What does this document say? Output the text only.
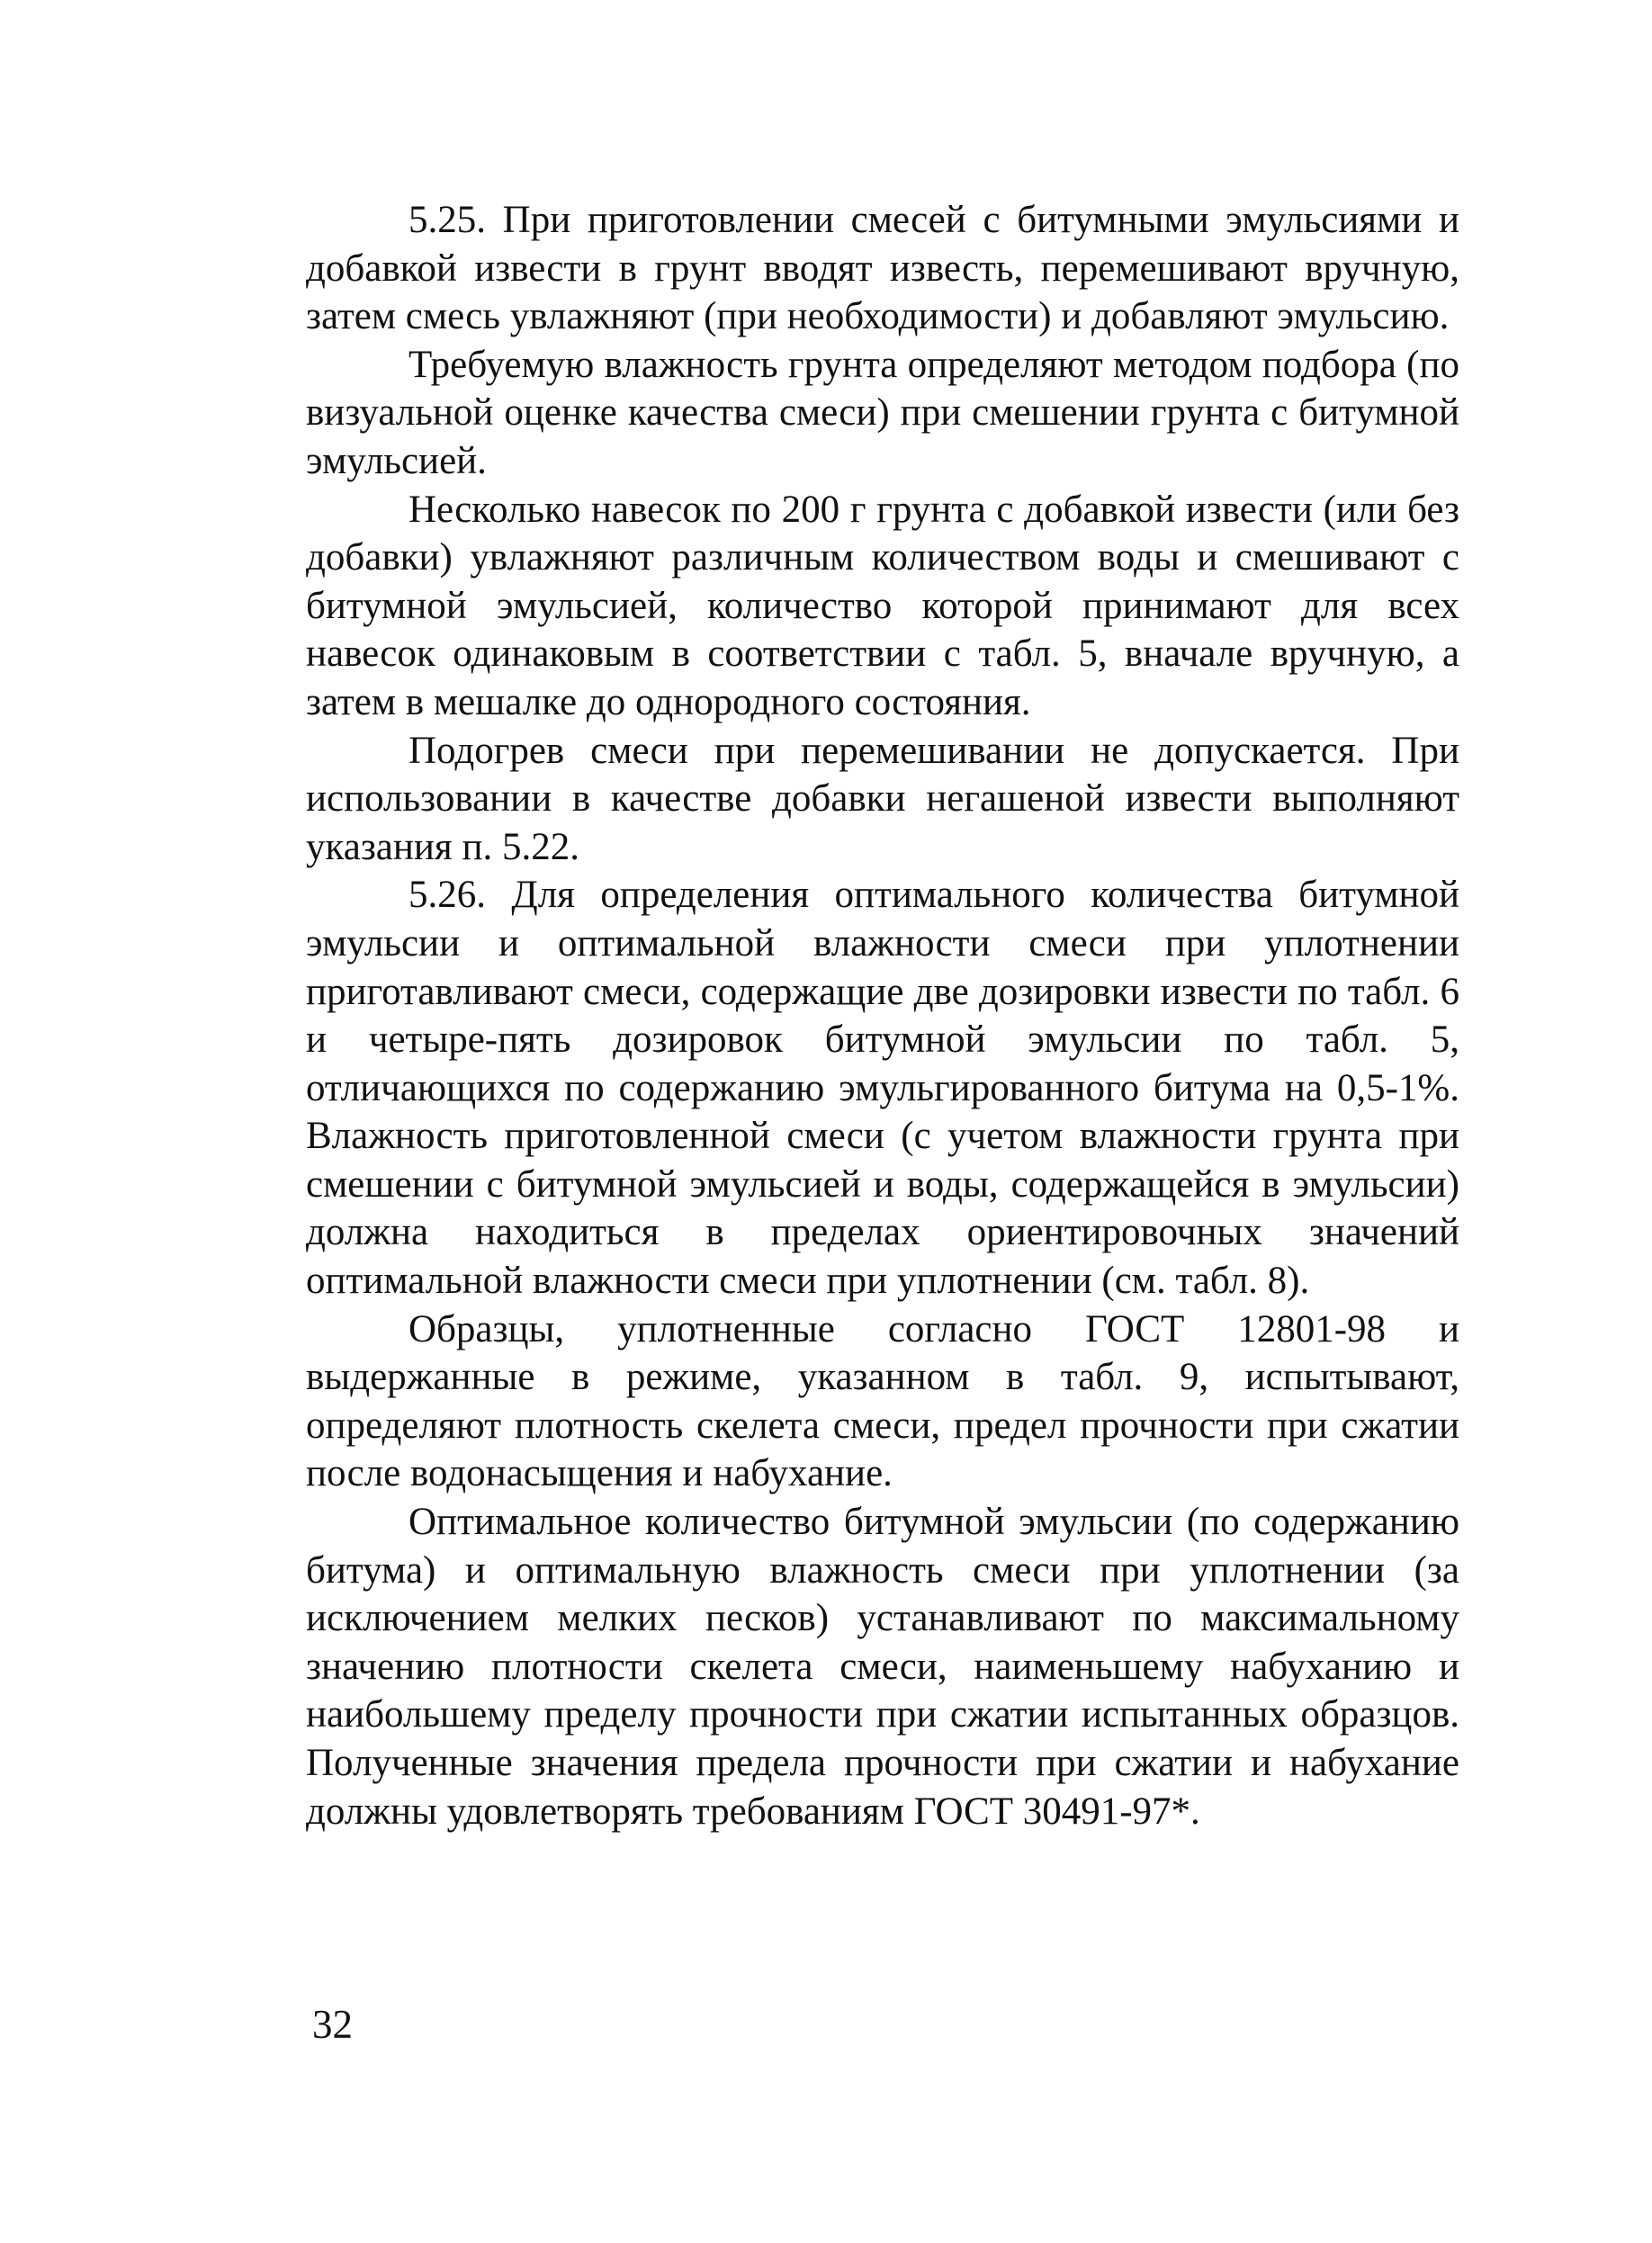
5.25. При приготовлении смесей с битумными эмульсиями и добавкой извести в грунт вводят известь, перемешивают вручную, затем смесь увлажняют (при необходимости) и добавляют эмульсию.

Требуемую влажность грунта определяют методом подбора (по визуальной оценке качества смеси) при смешении грунта с битумной эмульсией.

Несколько навесок по 200 г грунта с добавкой извести (или без добавки) увлажняют различным количеством воды и смешивают с битумной эмульсией, количество которой принимают для всех навесок одинаковым в соответствии с табл. 5, вначале вручную, а затем в мешалке до однородного состояния.

Подогрев смеси при перемешивании не допускается. При использовании в качестве добавки негашеной извести выполняют указания п. 5.22.

5.26. Для определения оптимального количества битумной эмульсии и оптимальной влажности смеси при уплотнении приготавливают смеси, содержащие две дозировки извести по табл. 6 и четыре-пять дозировок битумной эмульсии по табл. 5, отличающихся по содержанию эмульгированного битума на 0,5-1%. Влажность приготовленной смеси (с учетом влажности грунта при смешении с битумной эмульсией и воды, содержащейся в эмульсии) должна находиться в пределах ориентировочных значений оптимальной влажности смеси при уплотнении (см. табл. 8).

Образцы, уплотненные согласно ГОСТ 12801-98 и выдержанные в режиме, указанном в табл. 9, испытывают, определяют плотность скелета смеси, предел прочности при сжатии после водонасыщения и набухание.

Оптимальное количество битумной эмульсии (по содержанию битума) и оптимальную влажность смеси при уплотнении (за исключением мелких песков) устанавливают по максимальному значению плотности скелета смеси, наименьшему набуханию и наибольшему пределу прочности при сжатии испытанных образцов. Полученные значения предела прочности при сжатии и набухание должны удовлетворять требованиям ГОСТ 30491-97*.

32
